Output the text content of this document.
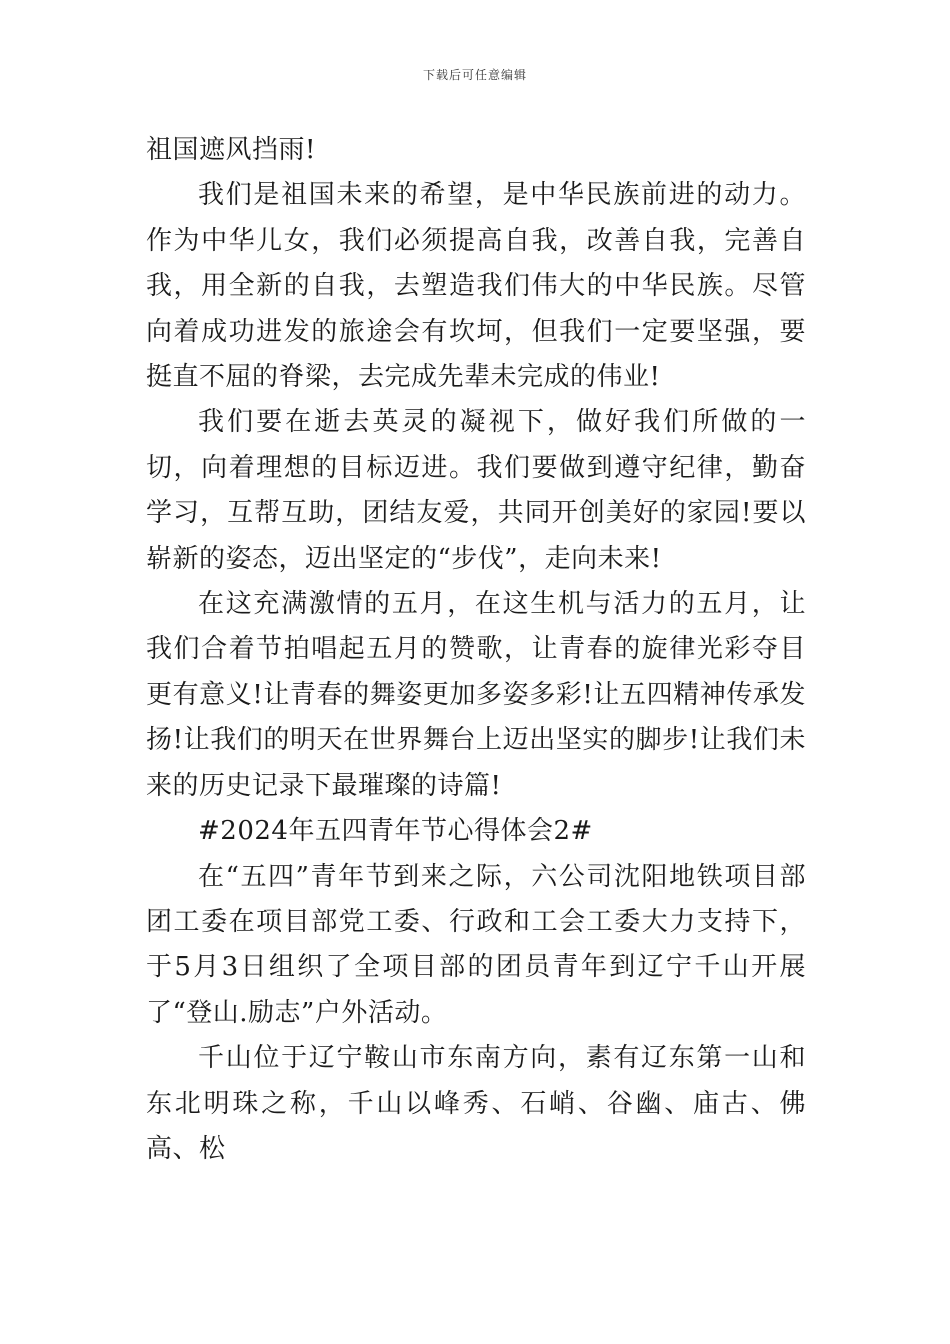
下载后可任意编辑

祖国遮风挡雨!

我们是祖国未来的希望，是中华民族前进的动力。作为中华儿女，我们必须提高自我，改善自我，完善自我，用全新的自我，去塑造我们伟大的中华民族。尽管向着成功进发的旅途会有坎坷，但我们一定要坚强，要挺直不屈的脊梁，去完成先辈未完成的伟业!

我们要在逝去英灵的凝视下，做好我们所做的一切，向着理想的目标迈进。我们要做到遵守纪律，勤奋学习，互帮互助，团结友爱，共同开创美好的家园!要以崭新的姿态，迈出坚定的“步伐”，走向未来!

在这充满激情的五月，在这生机与活力的五月，让我们合着节拍唱起五月的赞歌，让青春的旋律光彩夺目更有意义!让青春的舞姿更加多姿多彩!让五四精神传承发扬!让我们的明天在世界舞台上迈出坚实的脚步!让我们未来的历史记录下最璀璨的诗篇!

#2024年五四青年节心得体会2#

在“五四”青年节到来之际，六公司沈阳地铁项目部团工委在项目部党工委、行政和工会工委大力支持下，于5月3日组织了全项目部的团员青年到辽宁千山开展了“登山.励志”户外活动。

千山位于辽宁鞍山市东南方向，素有辽东第一山和东北明珠之称，千山以峰秀、石峭、谷幽、庙古、佛高、松
